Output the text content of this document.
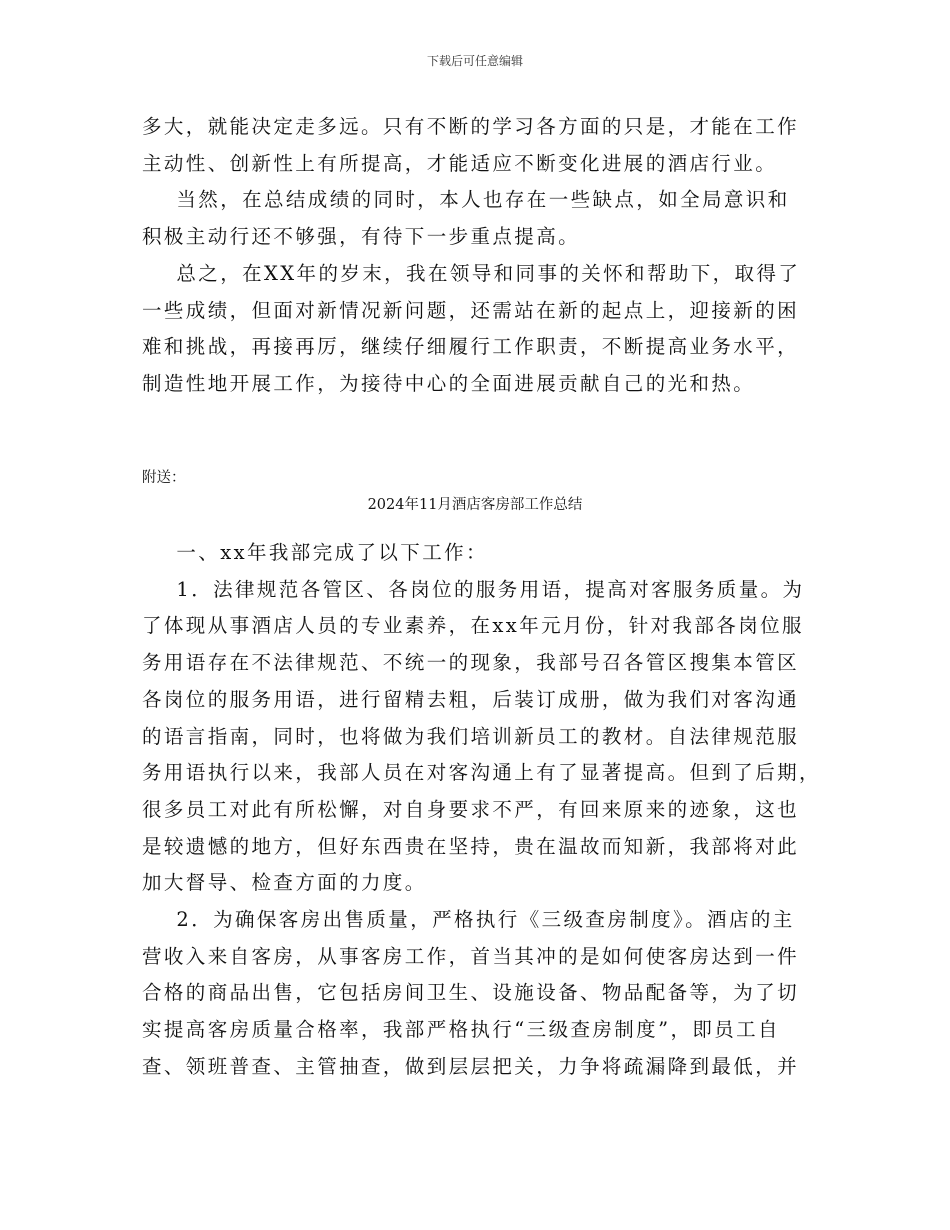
下载后可任意编辑
多大，就能决定走多远。只有不断的学习各方面的只是，才能在工作
主动性、创新性上有所提高，才能适应不断变化进展的酒店行业。
当然，在总结成绩的同时，本人也存在一些缺点，如全局意识和
积极主动行还不够强，有待下一步重点提高。
总之，在XX年的岁末，我在领导和同事的关怀和帮助下，取得了
一些成绩，但面对新情况新问题，还需站在新的起点上，迎接新的困
难和挑战，再接再厉，继续仔细履行工作职责，不断提高业务水平，
制造性地开展工作，为接待中心的全面进展贡献自己的光和热。
附送：
2024年11月酒店客房部工作总结
一、xx年我部完成了以下工作：
1．法律规范各管区、各岗位的服务用语，提高对客服务质量。为
了体现从事酒店人员的专业素养，在xx年元月份，针对我部各岗位服
务用语存在不法律规范、不统一的现象，我部号召各管区搜集本管区
各岗位的服务用语，进行留精去粗，后装订成册，做为我们对客沟通
的语言指南，同时，也将做为我们培训新员工的教材。自法律规范服
务用语执行以来，我部人员在对客沟通上有了显著提高。但到了后期，
很多员工对此有所松懈，对自身要求不严，有回来原来的迹象，这也
是较遗憾的地方，但好东西贵在坚持，贵在温故而知新，我部将对此
加大督导、检查方面的力度。
2．为确保客房出售质量，严格执行《三级查房制度》。酒店的主
营收入来自客房，从事客房工作，首当其冲的是如何使客房达到一件
合格的商品出售，它包括房间卫生、设施设备、物品配备等，为了切
实提高客房质量合格率，我部严格执行“三级查房制度”，即员工自
查、领班普查、主管抽查，做到层层把关，力争将疏漏降到最低，并
